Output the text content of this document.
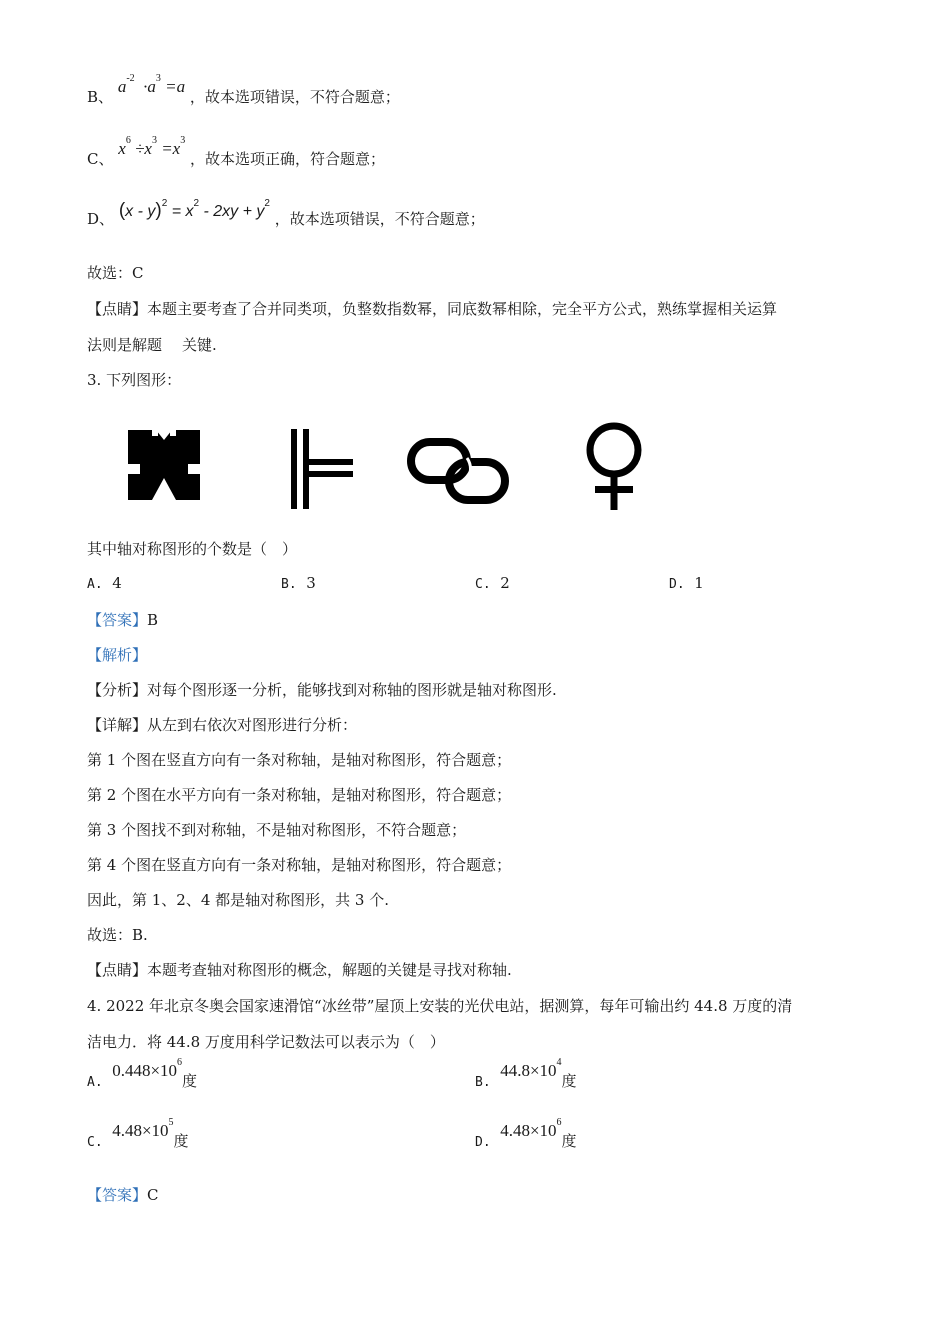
B、 $a^{-2} \cdot a^3 =a$ ，故本选项错误，不符合题意；
C、 $x^6 \div x^3 =x^3$ ，故本选项正确，符合题意；
D、 $(x - y)^2 = x^2 - 2xy + y^2$ ，故本选项错误，不符合题意；
故选：C
【点睛】本题主要考查了合并同类项，负整数指数幂，同底数幂相除，完全平方公式，熟练掌握相关运算
法则是解题 关键.
3. 下列图形：
其中轴对称图形的个数是（　）
A. 4	B. 3	C. 2	D. 1
【答案】B
【解析】
【分析】对每个图形逐一分析，能够找到对称轴的图形就是轴对称图形.
【详解】从左到右依次对图形进行分析：
第 1 个图在竖直方向有一条对称轴，是轴对称图形，符合题意；
第 2 个图在水平方向有一条对称轴，是轴对称图形，符合题意；
第 3 个图找不到对称轴，不是轴对称图形，不符合题意；
第 4 个图在竖直方向有一条对称轴，是轴对称图形，符合题意；
因此，第 1、2、4 都是轴对称图形，共 3 个.
故选：B.
【点睛】本题考查轴对称图形的概念，解题的关键是寻找对称轴.
4. 2022 年北京冬奥会国家速滑馆“冰丝带”屋顶上安装的光伏电站，据测算，每年可输出约 44.8 万度的清
洁电力．将 44.8 万度用科学记数法可以表示为（　）
A.  $0.448\times 10^6$度	B.  $44.8\times 10^4$度
C.  $4.48\times 10^5$度	D.  $4.48\times 10^6$度
【答案】C
